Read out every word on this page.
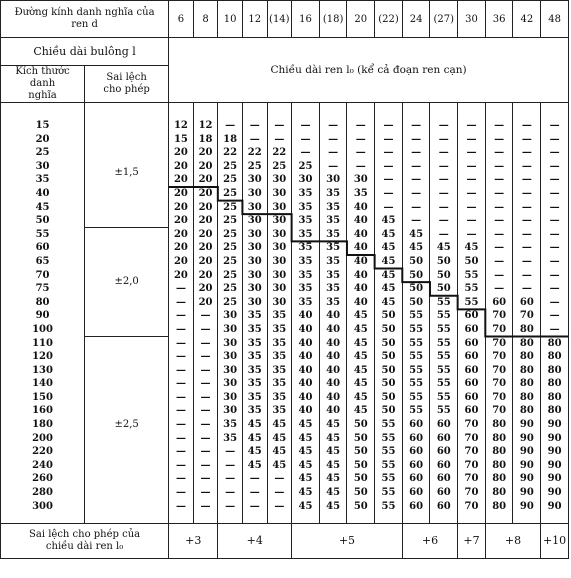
Đường kính danh nghĩa của ren d		6	8	10	12	(14)	16	(18)	20	(22)	24	(27)	30	36	42	48
Chiều dài bulông l		Chiều dài ren l₀ (kể cả đoạn ren cạn)														
Kích thước danh nghĩa	Sai lệch cho phép															

15	±1,5	12	12	—	—	—	—	—	—	—	—	—	—	—	—	—
20		15	18	18	—	—	—	—	—	—	—	—	—	—	—	—
25		20	20	22	22	22	—	—	—	—	—	—	—	—	—	—
30		20	20	25	25	25	25	—	—	—	—	—	—	—	—	—
35		20	20	25	30	30	30	30	30	—	—	—	—	—	—	—
40		20	20	25	30	30	35	35	35	—	—	—	—	—	—	—
45		20	20	25	30	30	35	35	40	—	—	—	—	—	—	—
50		20	20	25	30	30	35	35	40	45	—	—	—	—	—	—
55	±2,0	20	20	25	30	30	35	35	40	45	45	—	—	—	—	—
60		20	20	25	30	30	35	35	40	45	45	45	45	—	—	—
65		20	20	25	30	30	35	35	40	45	50	50	50	—	—	—
70		20	20	25	30	30	35	35	40	45	50	50	55	—	—	—
75		—	20	25	30	30	35	35	40	45	50	50	55	—	—	—
80		—	20	25	30	30	35	35	40	45	50	55	55	60	60	—
90		—	—	30	35	35	40	40	45	50	55	55	60	70	70	—
100		—	—	30	35	35	40	40	45	50	55	55	60	70	80	—
110	±2,5	—	—	30	35	35	40	40	45	50	55	55	60	70	80	80
120		—	—	30	35	35	40	40	45	50	55	55	60	70	80	80
130		—	—	30	35	35	40	40	45	50	55	55	60	70	80	80
140		—	—	30	35	35	40	40	45	50	55	55	60	70	80	80
150		—	—	30	35	35	40	40	45	50	55	55	60	70	80	80
160		—	—	30	35	35	40	40	45	50	55	55	60	70	80	80
180		—	—	35	45	45	45	45	50	55	60	60	70	80	90	90
200		—	—	35	45	45	45	45	50	55	60	60	70	80	90	90
220		—	—	—	45	45	45	45	50	55	60	60	70	80	90	90
240		—	—	—	45	45	45	45	50	55	60	60	70	80	90	90
260		—	—	—	—	—	45	45	50	55	60	60	70	80	90	90
280		—	—	—	—	—	45	45	50	55	60	60	70	80	90	90
300		—	—	—	—	—	45	45	50	55	60	60	70	80	90	90

Sai lệch cho phép của chiều dài ren l₀		+3		+4			+5				+6		+7	+8		+10
